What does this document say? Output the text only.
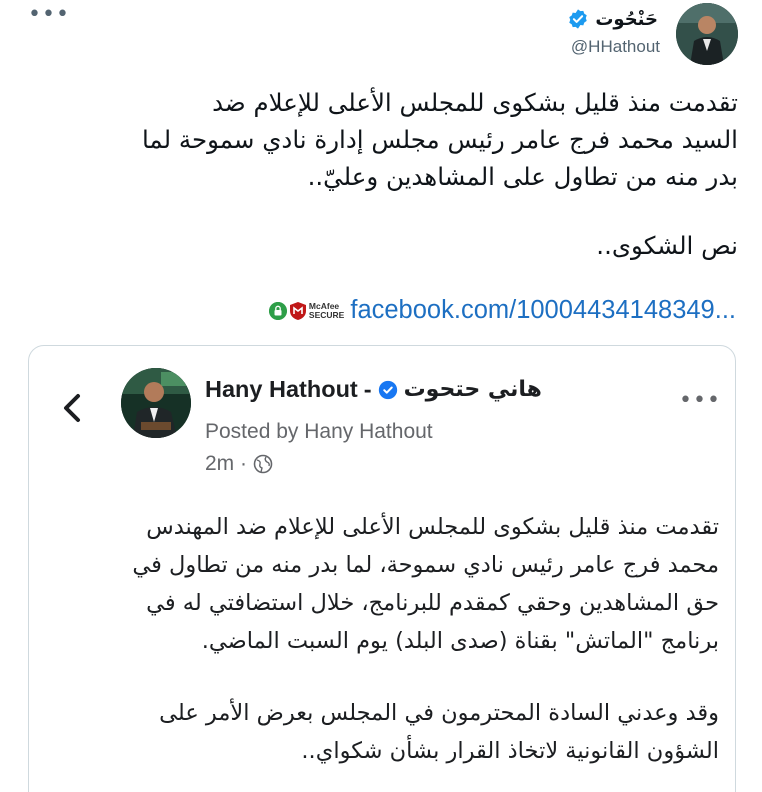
•••	حَنْحُوت
@HHathout
تقدمت منذ قليل بشكوى للمجلس الأعلى للإعلام ضد
السيد محمد فرج عامر رئيس مجلس إدارة نادي سموحة لما
بدر منه من تطاول على المشاهدين وعليّ..
نص الشكوى..
McAfee
SECURE facebook.com/10004434148349...
Hany Hathout - هاني حتحوت	•••
Posted by Hany Hathout
2m ·
تقدمت منذ قليل بشكوى للمجلس الأعلى للإعلام ضد المهندس
محمد فرج عامر رئيس نادي سموحة، لما بدر منه من تطاول في
حق المشاهدين وحقي كمقدم للبرنامج، خلال استضافتي له في
برنامج "الماتش" بقناة (صدى البلد) يوم السبت الماضي.
وقد وعدني السادة المحترمون في المجلس بعرض الأمر على
الشؤون القانونية لاتخاذ القرار بشأن شكواي..
